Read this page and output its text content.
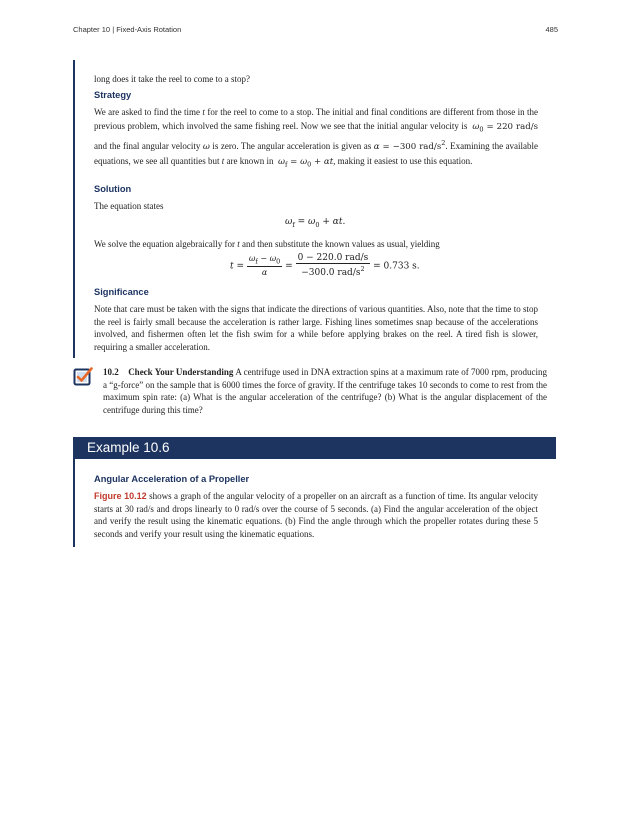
Chapter 10 | Fixed-Axis Rotation	485
long does it take the reel to come to a stop?
Strategy
We are asked to find the time t for the reel to come to a stop. The initial and final conditions are different from those in the previous problem, which involved the same fishing reel. Now we see that the initial angular velocity is $\omega_0 = 220$ rad/s and the final angular velocity ω is zero. The angular acceleration is given as α = −300 rad/$s^2$. Examining the available equations, we see all quantities but t are known in $\omega_f = \omega_0 + \alpha t$, making it easiest to use this equation.
Solution
The equation states
$\omega_f = \omega_0 + \alpha t$.
We solve the equation algebraically for t and then substitute the known values as usual, yielding
$t = \frac{\omega_f - \omega_0}{\alpha} = \frac{\text{0 − 220.0 rad/s}}{-300.0 rad/s^2} = 0.733$ s.
Significance
Note that care must be taken with the signs that indicate the directions of various quantities. Also, note that the time to stop the reel is fairly small because the acceleration is rather large. Fishing lines sometimes snap because of the accelerations involved, and fishermen often let the fish swim for a while before applying brakes on the reel. A tired fish is slower, requiring a smaller acceleration.
10.2 Check Your Understanding A centrifuge used in DNA extraction spins at a maximum rate of 7000 rpm, producing a “g-force” on the sample that is 6000 times the force of gravity. If the centrifuge takes 10 seconds to come to rest from the maximum spin rate: (a) What is the angular acceleration of the centrifuge? (b) What is the angular displacement of the centrifuge during this time?
Example 10.6
Angular Acceleration of a Propeller
Figure 10.12 shows a graph of the angular velocity of a propeller on an aircraft as a function of time. Its angular velocity starts at 30 rad/s and drops linearly to 0 rad/s over the course of 5 seconds. (a) Find the angular acceleration of the object and verify the result using the kinematic equations. (b) Find the angle through which the propeller rotates during these 5 seconds and verify your result using the kinematic equations.
